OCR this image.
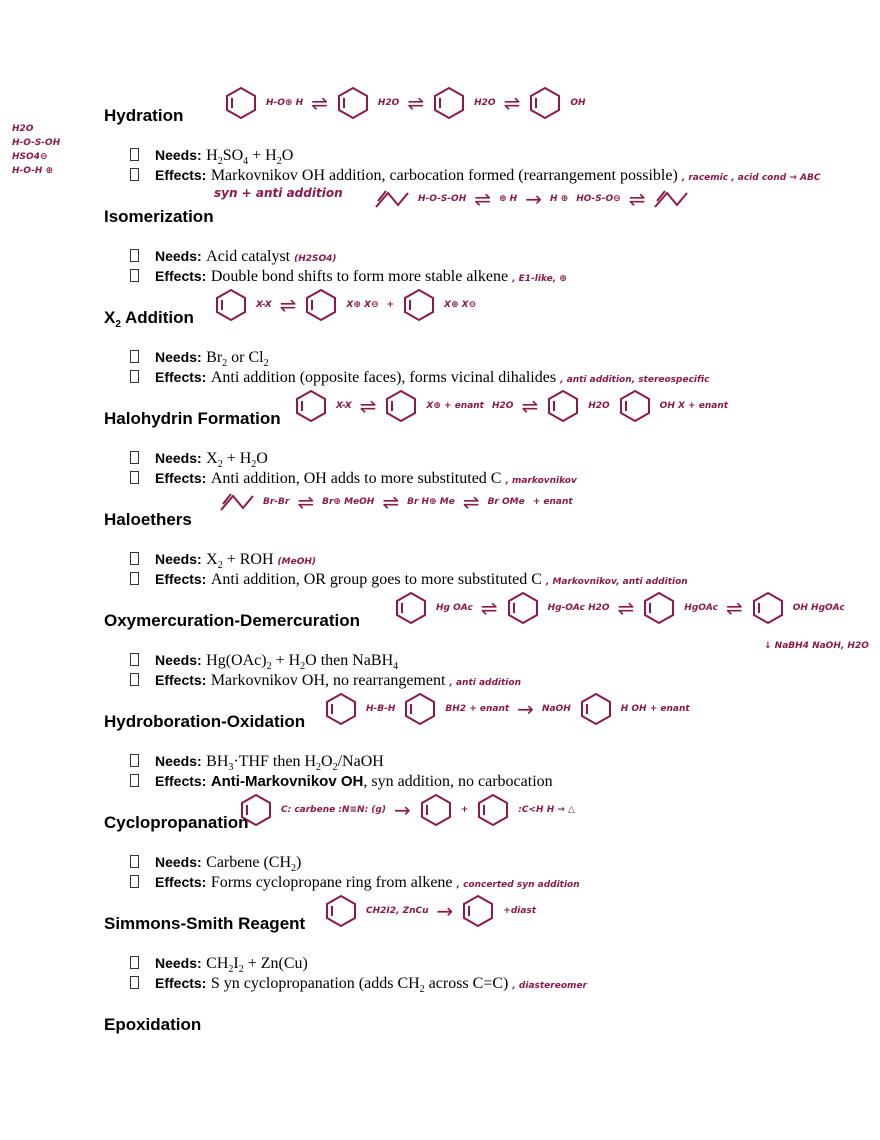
Hydration
Needs: $H_2SO_4 + H_2O$
Effects: Markovnikov OH addition, carbocation formed (rearrangement possible) , racemic , acid cond → ABC
syn + anti addition
H-O⊕ H ⇌	H2O ⇌	H2O ⇌	OH
Isomerization
Needs: Acid catalyst (H2SO4)
Effects: Double bond shifts to form more stable alkene , E1-like, ⊕
H-O-S-OH ⇌ ⊕ H → H ⊕ HO-S-O⊖ ⇌
$X_2$ Addition
Needs: $Br_2$ or $Cl_2$
Effects: Anti addition (opposite faces), forms vicinal dihalides , anti addition, stereospecific
X-X ⇌	X⊕ X⊖ +	X⊕ X⊖
Halohydrin Formation
Needs: $X_2 + H_2O$
Effects: Anti addition, OH adds to more substituted C , markovnikov
X-X ⇌	X⊕ + enant H2O ⇌	H2O	OH X + enant
Haloethers
Needs: $X_2$ + ROH (MeOH)
Effects: Anti addition, OR group goes to more substituted C , Markovnikov, anti addition
Br-Br ⇌ Br⊕ MeOH ⇌ Br H⊕ Me ⇌ Br OMe + enant
Oxymercuration-Demercuration
Needs: $Hg(OAc)_2 + H_2O$ then NaBH$_4$
Effects: Markovnikov OH, no rearrangement , anti addition
↓ NaBH4 NaOH, H2O
Hg OAc ⇌	Hg-OAc H2O ⇌	HgOAc ⇌	OH HgOAc
Hydroboration-Oxidation
Needs: $BH_3\cdot THF$ then $H_2O_2$/NaOH
Effects: Anti-Markovnikov OH, syn addition, no carbocation
H-B-H	BH2 + enant → NaOH	H OH + enant
Cyclopropanation
Needs: Carbene $(CH_2)$
Effects: Forms cyclopropane ring from alkene , concerted syn addition
C: carbene :N≡N: (g) →	+	:C<H H → △
Simmons-Smith Reagent
Needs: $CH_2I_2 + Zn(Cu)$
Effects: S yn cyclopropanation (adds $CH_2$ across C=C) , diastereomer
CH2I2, ZnCu →	+diast
Epoxidation
H2O
H-O-S-OH
HSO4⊖
H-O-H ⊕
